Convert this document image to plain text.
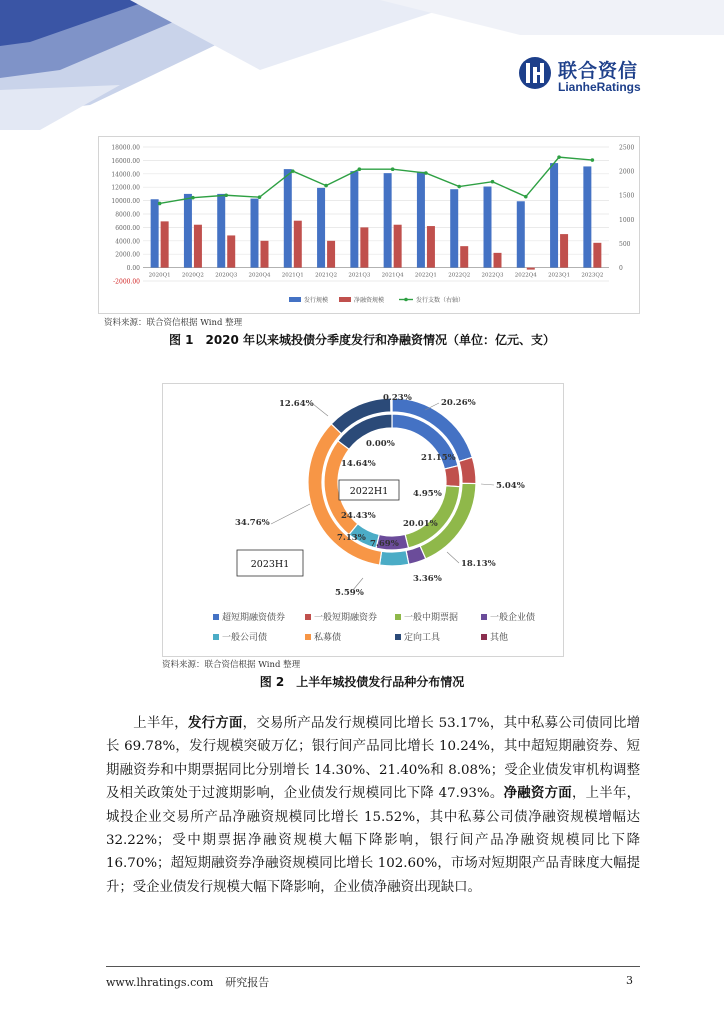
联合资信
LianheRatings
18000.00
16000.00
14000.00
12000.00
10000.00
8000.00
6000.00
4000.00
2000.00
0.00
-2000.00
2500
2000
1500
1000
500
0
2020Q1 2020Q2 2020Q3 2020Q4 2021Q1 2021Q2 2021Q3 2021Q4 2022Q1 2022Q2 2022Q3 2022Q4 2023Q1 2023Q2
发行规模	净融资规模	发行支数（右轴）
资料来源：联合资信根据 Wind 整理
图 1　2020 年以来城投债分季度发行和净融资情况（单位：亿元、支）
20.26%
5.04%
18.13%
3.36%
5.59%
34.76%
12.64%
0.23%
21.15%
4.95%
20.01%
7.69%
7.13%
24.43%
14.64%
0.00%
2022H1
2023H1
超短期融资债券	一般短期融资券	一般中期票据	一般企业债
一般公司债	私募债	定向工具	其他
资料来源：联合资信根据 Wind 整理
图 2　上半年城投债发行品种分布情况
上半年，发行方面，交易所产品发行规模同比增长 53.17%，其中私募公司债同比增长 69.78%，发行规模突破万亿；银行间产品同比增长 10.24%，其中超短期融资券、短期融资券和中期票据同比分别增长 14.30%、21.40%和 8.08%；受企业债发审机构调整及相关政策处于过渡期影响，企业债发行规模同比下降 47.93%。净融资方面，上半年，城投企业交易所产品净融资规模同比增长 15.52%，其中私募公司债净融资规模增幅达 32.22%；受中期票据净融资规模大幅下降影响，银行间产品净融资规模同比下降 16.70%；超短期融资券净融资规模同比增长 102.60%，市场对短期限产品青睐度大幅提升；受企业债发行规模大幅下降影响，企业债净融资出现缺口。
www.lhratings.com 研究报告	3
